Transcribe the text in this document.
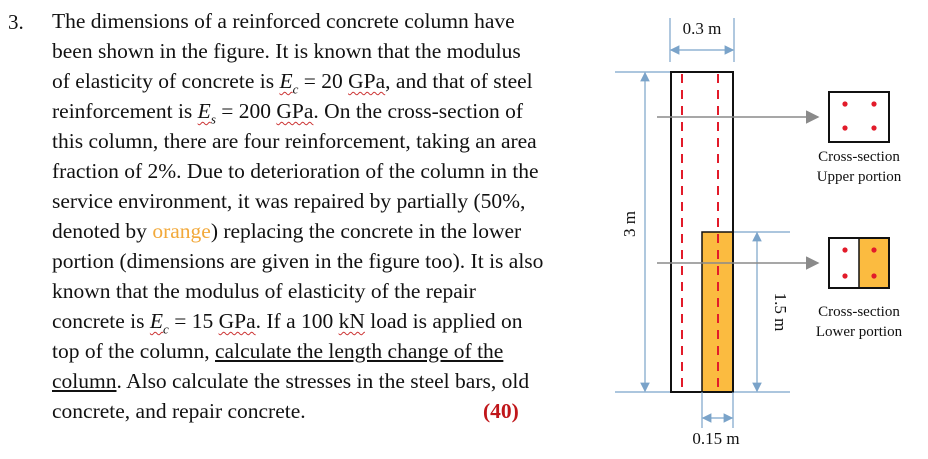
3. The dimensions of a reinforced concrete column have
been shown in the figure. It is known that the modulus
of elasticity of concrete is $E_c = 20$ GPa, and that of steel
reinforcement is $E_s = 200$ GPa. On the cross-section of
this column, there are four reinforcement, taking an area
fraction of 2%. Due to deterioration of the column in the
service environment, it was repaired by partially (50%,
denoted by orange) replacing the concrete in the lower
portion (dimensions are given in the figure too). It is also
known that the modulus of elasticity of the repair
concrete is $E_c = 15$ GPa. If a 100 kN load is applied on
top of the column, calculate the length change of the
column. Also calculate the stresses in the steel bars, old
concrete, and repair concrete.	(40)
0.3 m
3 m
1.5 m
0.15 m
Cross-section
Upper portion
Cross-section
Lower portion
